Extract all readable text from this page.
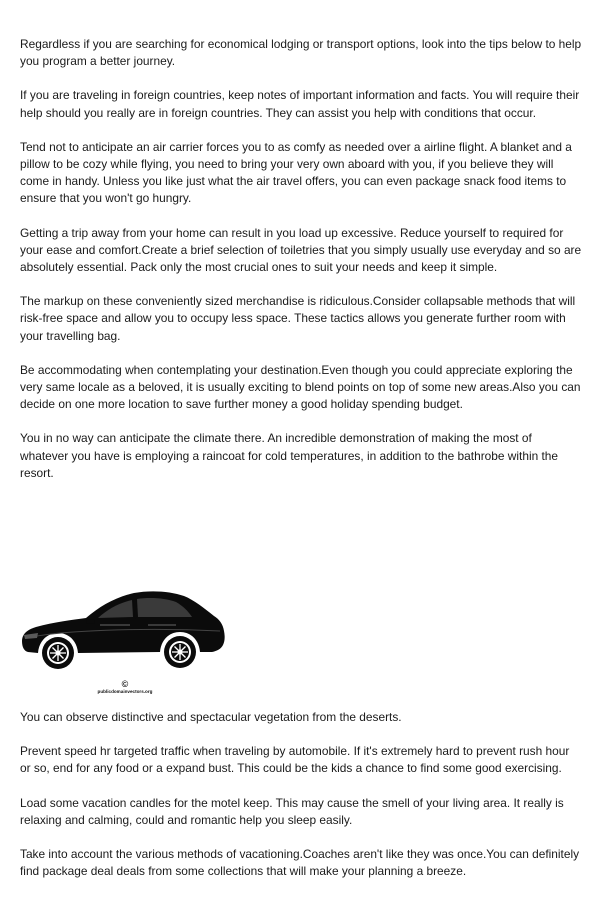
Regardless if you are searching for economical lodging or transport options, look into the tips below to help you program a better journey.

If you are traveling in foreign countries, keep notes of important information and facts. You will require their help should you really are in foreign countries. They can assist you help with conditions that occur.

Tend not to anticipate an air carrier forces you to as comfy as needed over a airline flight. A blanket and a pillow to be cozy while flying, you need to bring your very own aboard with you, if you believe they will come in handy. Unless you like just what the air travel offers, you can even package snack food items to ensure that you won't go hungry.

Getting a trip away from your home can result in you load up excessive. Reduce yourself to required for your ease and comfort.Create a brief selection of toiletries that you simply usually use everyday and so are absolutely essential. Pack only the most crucial ones to suit your needs and keep it simple.

The markup on these conveniently sized merchandise is ridiculous.Consider collapsable methods that will risk-free space and allow you to occupy less space. These tactics allows you generate further room with your travelling bag.

Be accommodating when contemplating your destination.Even though you could appreciate exploring the very same locale as a beloved, it is usually exciting to blend points on top of some new areas.Also you can decide on one more location to save further money a good holiday spending budget.

You in no way can anticipate the climate there. An incredible demonstration of making the most of whatever you have is employing a raincoat for cold temperatures, in addition to the bathrobe within the resort.

©
publicdomainvectors.org

You can observe distinctive and spectacular vegetation from the deserts.

Prevent speed hr targeted traffic when traveling by automobile. If it's extremely hard to prevent rush hour or so, end for any food or a expand bust. This could be the kids a chance to find some good exercising.

Load some vacation candles for the motel keep. This may cause the smell of your living area. It really is relaxing and calming, could and romantic help you sleep easily.

Take into account the various methods of vacationing.Coaches aren't like they was once.You can definitely find package deal deals from some collections that will make your planning a breeze.
